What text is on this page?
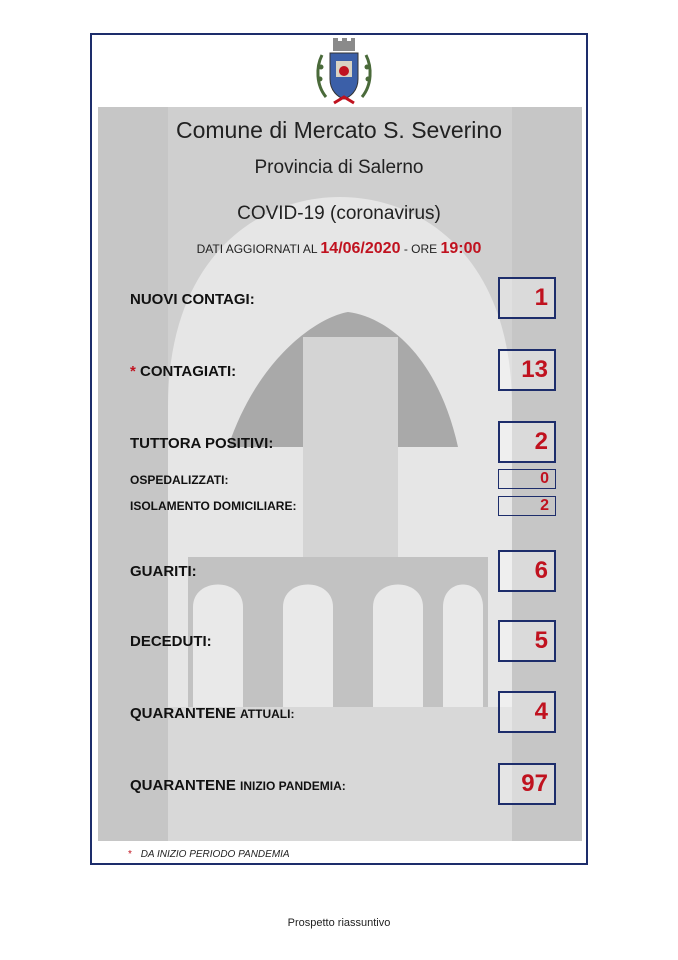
Comune di Mercato S. Severino
Provincia di Salerno
COVID-19 (coronavirus)
DATI AGGIORNATI AL 14/06/2020 - ORE 19:00
NUOVI CONTAGI:	1
* CONTAGIATI:	13
TUTTORA POSITIVI:	2
OSPEDALIZZATI:	0
ISOLAMENTO DOMICILIARE:	2
GUARITI:	6
DECEDUTI:	5
QUARANTENE ATTUALI:	4
QUARANTENE INIZIO PANDEMIA:	97
* DA INIZIO PERIODO PANDEMIA
Prospetto riassuntivo
